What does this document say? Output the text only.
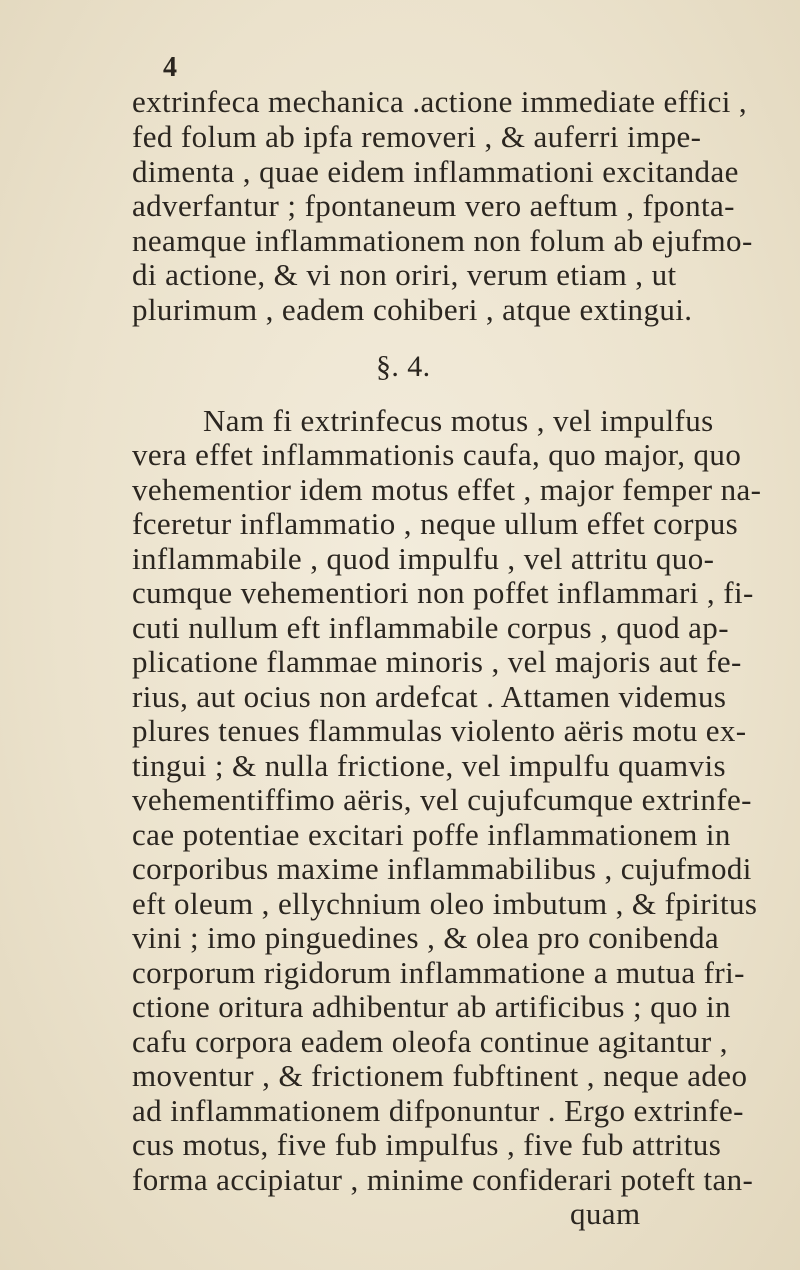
4
extrinfeca mechanica .actione immediate effici ,
fed folum ab ipfa removeri , & auferri impe-
dimenta , quae eidem inflammationi excitandae
adverfantur ; fpontaneum vero aeftum , fponta-
neamque inflammationem non folum ab ejufmo-
di actione, & vi non oriri, verum etiam , ut
plurimum , eadem cohiberi , atque extingui.
§. 4.
Nam fi extrinfecus motus , vel impulfus
vera effet inflammationis caufa, quo major, quo
vehementior idem motus effet , major femper na-
fceretur inflammatio , neque ullum effet corpus
inflammabile , quod impulfu , vel attritu quo-
cumque vehementiori non poffet inflammari , fi-
cuti nullum eft inflammabile corpus , quod ap-
plicatione flammae minoris , vel majoris aut fe-
rius, aut ocius non ardefcat . Attamen videmus
plures tenues flammulas violento aëris motu ex-
tingui ; & nulla frictione, vel impulfu quamvis
vehementiffimo aëris, vel cujufcumque extrinfe-
cae potentiae excitari poffe inflammationem in
corporibus maxime inflammabilibus , cujufmodi
eft oleum , ellychnium oleo imbutum , & fpiritus
vini ; imo pinguedines , & olea pro conibenda
corporum rigidorum inflammatione a mutua fri-
ctione oritura adhibentur ab artificibus ; quo in
cafu corpora eadem oleofa continue agitantur ,
moventur , & frictionem fubftinent , neque adeo
ad inflammationem difponuntur . Ergo extrinfe-
cus motus, five fub impulfus , five fub attritus
forma accipiatur , minime confiderari poteft tan-
quam
